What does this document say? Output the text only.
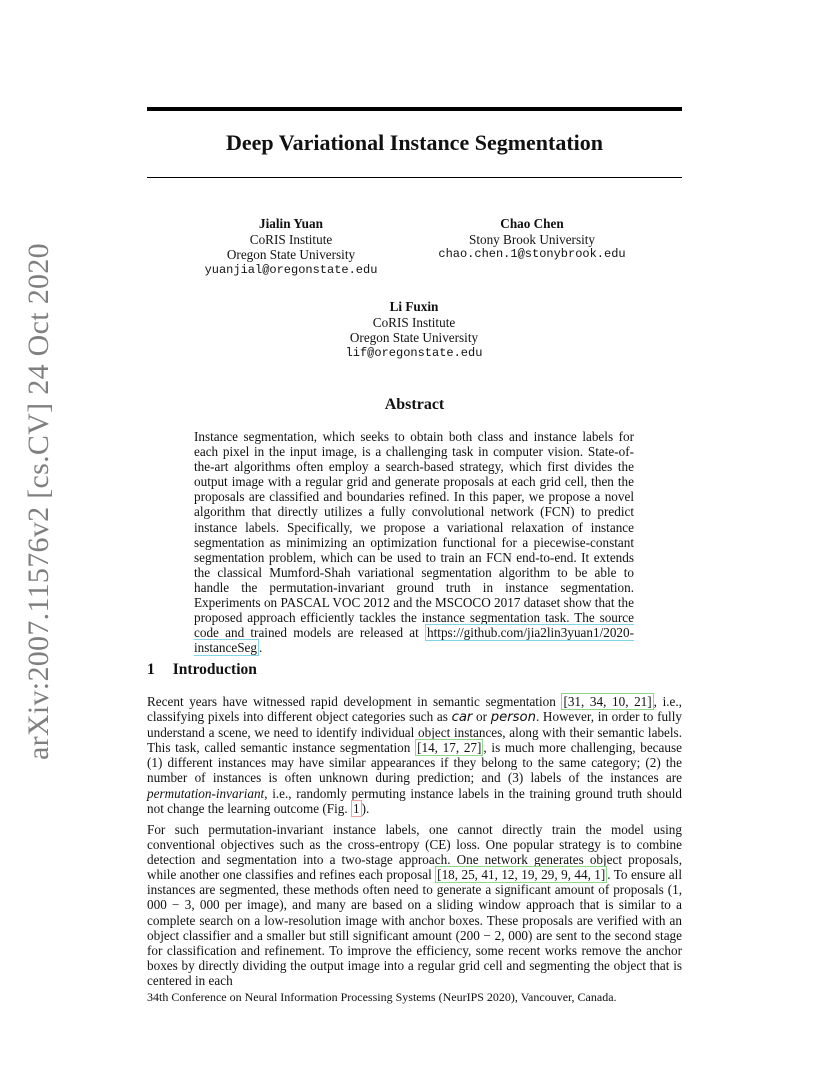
arXiv:2007.11576v2 [cs.CV] 24 Oct 2020
Deep Variational Instance Segmentation
Jialin Yuan
CoRIS Institute
Oregon State University
yuanjial@oregonstate.edu
Chao Chen
Stony Brook University
chao.chen.1@stonybrook.edu
Li Fuxin
CoRIS Institute
Oregon State University
lif@oregonstate.edu
Abstract
Instance segmentation, which seeks to obtain both class and instance labels for each pixel in the input image, is a challenging task in computer vision. State-of-the-art algorithms often employ a search-based strategy, which first divides the output image with a regular grid and generate proposals at each grid cell, then the proposals are classified and boundaries refined. In this paper, we propose a novel algorithm that directly utilizes a fully convolutional network (FCN) to predict instance labels. Specifically, we propose a variational relaxation of instance segmentation as minimizing an optimization functional for a piecewise-constant segmentation problem, which can be used to train an FCN end-to-end. It extends the classical Mumford-Shah variational segmentation algorithm to be able to handle the permutation-invariant ground truth in instance segmentation. Experiments on PASCAL VOC 2012 and the MSCOCO 2017 dataset show that the proposed approach efficiently tackles the instance segmentation task. The source code and trained models are released at https://github.com/jia2lin3yuan1/2020-instanceSeg .
1 Introduction

Recent years have witnessed rapid development in semantic segmentation [31, 34, 10, 21] , i.e., classifying pixels into different object categories such as car or person. However, in order to fully understand a scene, we need to identify individual object instances, along with their semantic labels. This task, called semantic instance segmentation [14, 17, 27] , is much more challenging, because (1) different instances may have similar appearances if they belong to the same category; (2) the number of instances is often unknown during prediction; and (3) labels of the instances are permutation-invariant, i.e., randomly permuting instance labels in the training ground truth should not change the learning outcome (Fig. 1 ).

For such permutation-invariant instance labels, one cannot directly train the model using conventional objectives such as the cross-entropy (CE) loss. One popular strategy is to combine detection and segmentation into a two-stage approach. One network generates object proposals, while another one classifies and refines each proposal [18, 25, 41, 12, 19, 29, 9, 44, 1] . To ensure all instances are segmented, these methods often need to generate a significant amount of proposals (1, 000 − 3, 000 per image), and many are based on a sliding window approach that is similar to a complete search on a low-resolution image with anchor boxes. These proposals are verified with an object classifier and a smaller but still significant amount (200 − 2, 000) are sent to the second stage for classification and refinement. To improve the efficiency, some recent works remove the anchor boxes by directly dividing the output image into a regular grid cell and segmenting the object that is centered in each

34th Conference on Neural Information Processing Systems (NeurIPS 2020), Vancouver, Canada.
